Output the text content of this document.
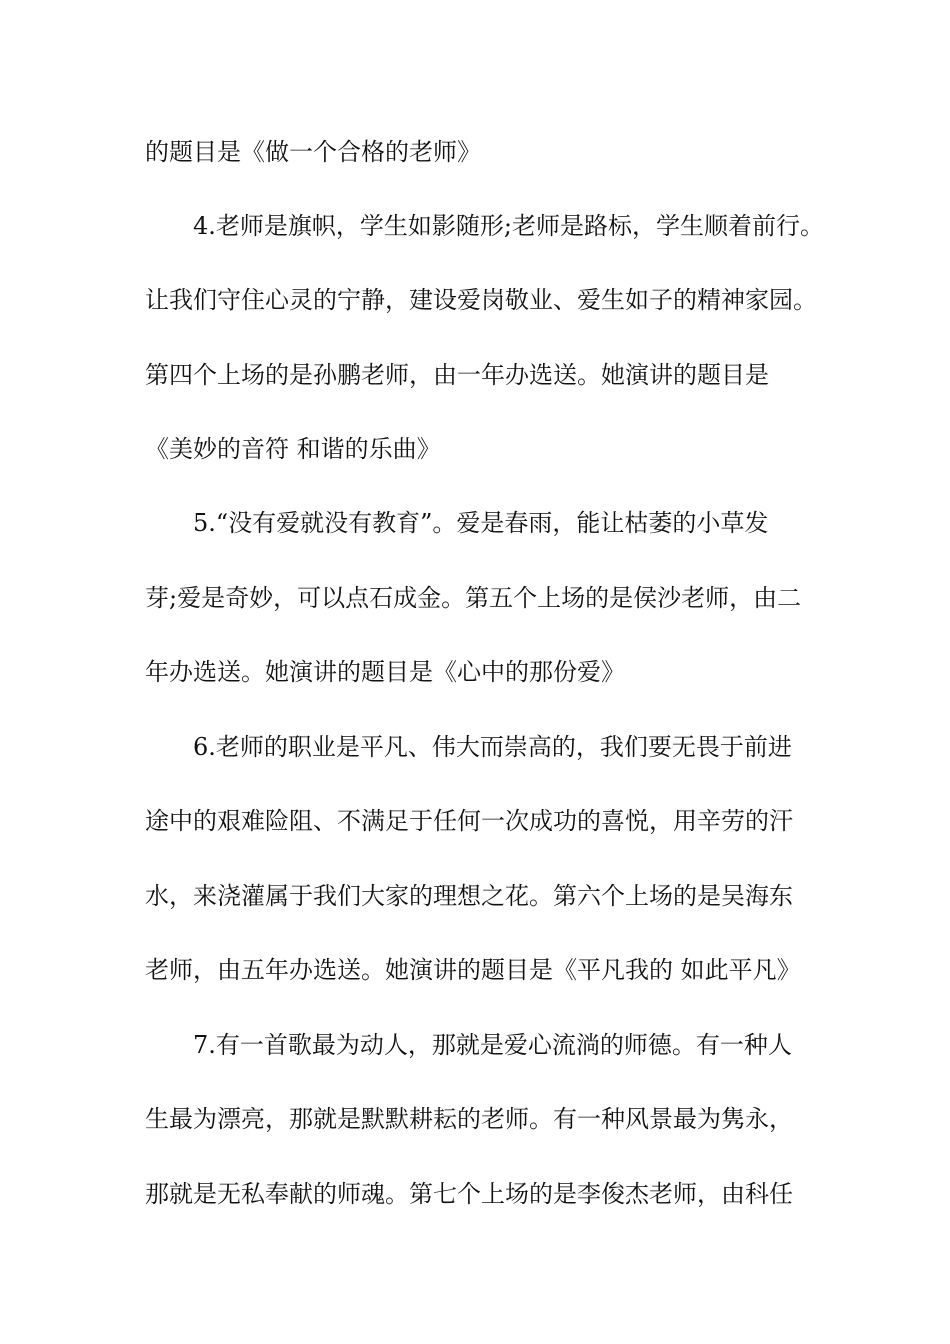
的题目是《做一个合格的老师》
4.老师是旗帜，学生如影随形;老师是路标，学生顺着前行。
让我们守住心灵的宁静，建设爱岗敬业、爱生如子的精神家园。
第四个上场的是孙鹏老师，由一年办选送。她演讲的题目是
《美妙的音符 和谐的乐曲》
5.“没有爱就没有教育”。爱是春雨，能让枯萎的小草发
芽;爱是奇妙，可以点石成金。第五个上场的是侯沙老师，由二
年办选送。她演讲的题目是《心中的那份爱》
6.老师的职业是平凡、伟大而崇高的，我们要无畏于前进
途中的艰难险阻、不满足于任何一次成功的喜悦，用辛劳的汗
水，来浇灌属于我们大家的理想之花。第六个上场的是吴海东
老师，由五年办选送。她演讲的题目是《平凡我的 如此平凡》
7.有一首歌最为动人，那就是爱心流淌的师德。有一种人
生最为漂亮，那就是默默耕耘的老师。有一种风景最为隽永，
那就是无私奉献的师魂。第七个上场的是李俊杰老师，由科任
